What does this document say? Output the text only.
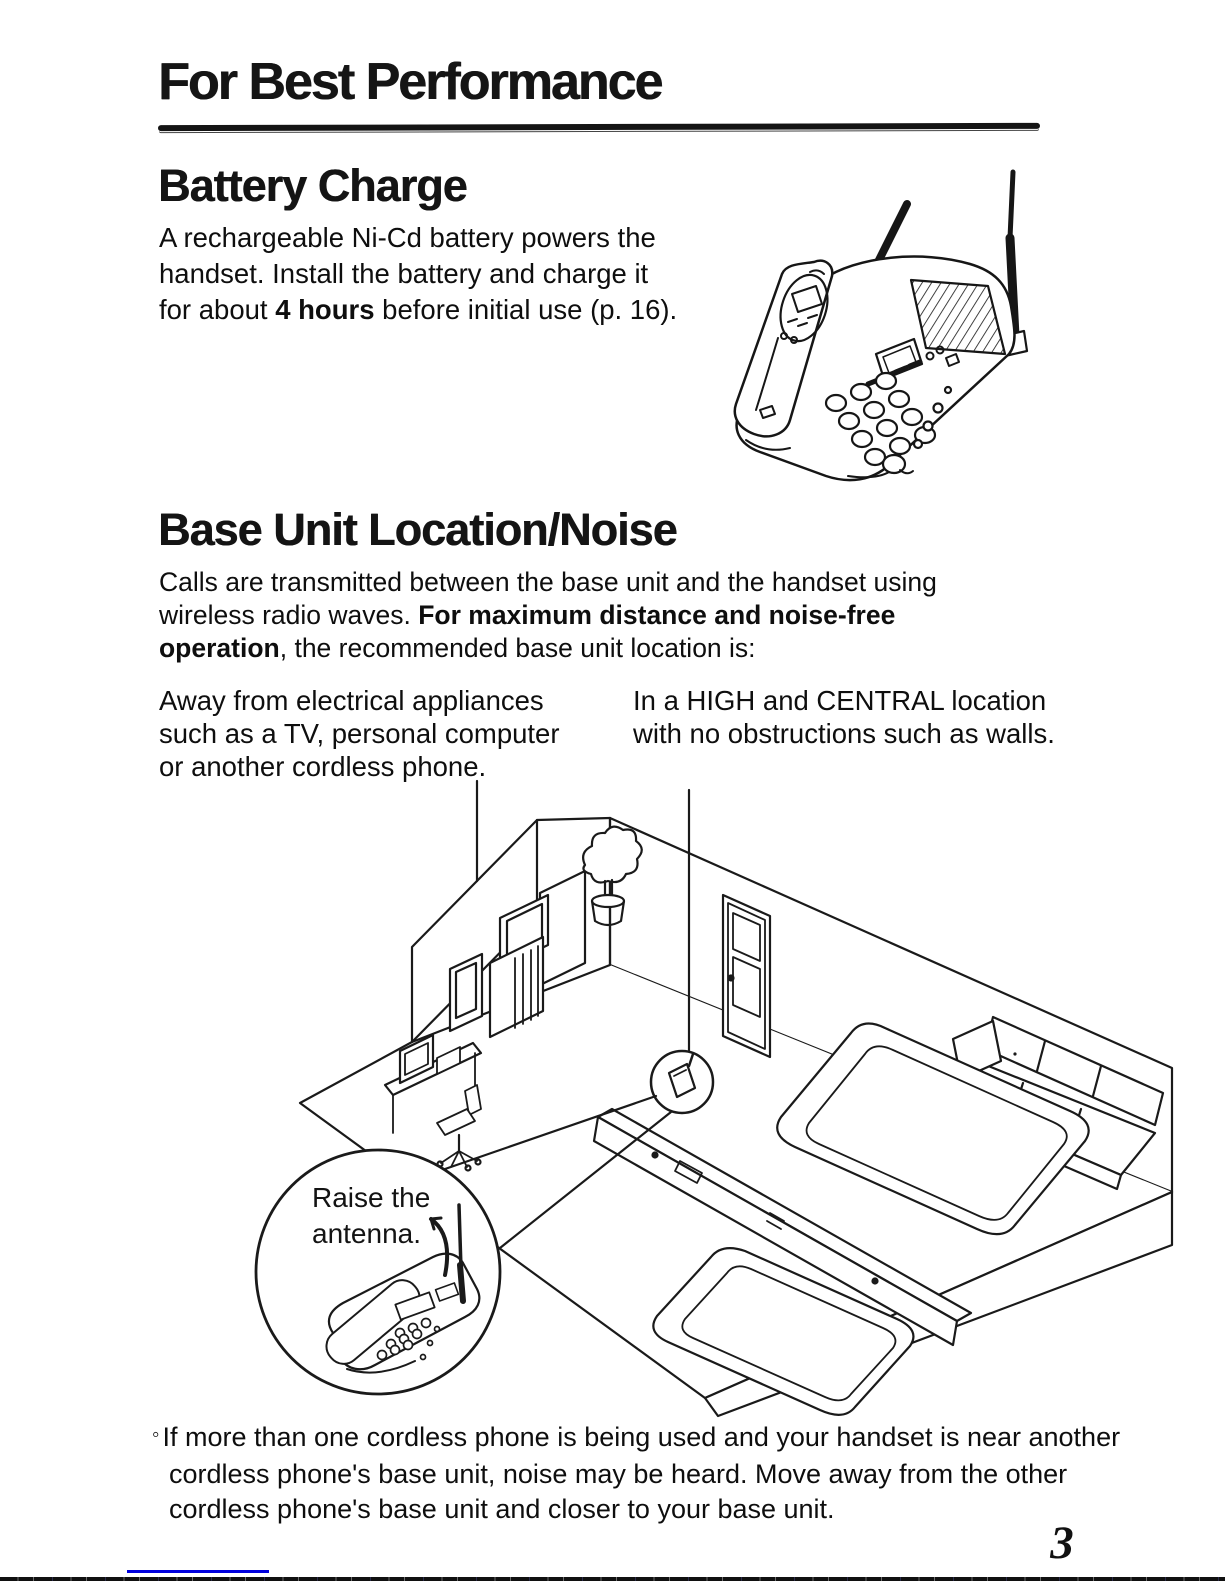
For Best Performance
Battery Charge
A rechargeable Ni-Cd battery powers the
handset. Install the battery and charge it
for about 4 hours before initial use (p. 16).
Base Unit Location/Noise
Calls are transmitted between the base unit and the handset using
wireless radio waves. For maximum distance and noise-free
operation, the recommended base unit location is:
Away from electrical appliances
such as a TV, personal computer
or another cordless phone.
In a HIGH and CENTRAL location
with no obstructions such as walls.
Raise the
antenna.
◦ If more than one cordless phone is being used and your handset is near another
cordless phone's base unit, noise may be heard. Move away from the other
cordless phone's base unit and closer to your base unit.
3
